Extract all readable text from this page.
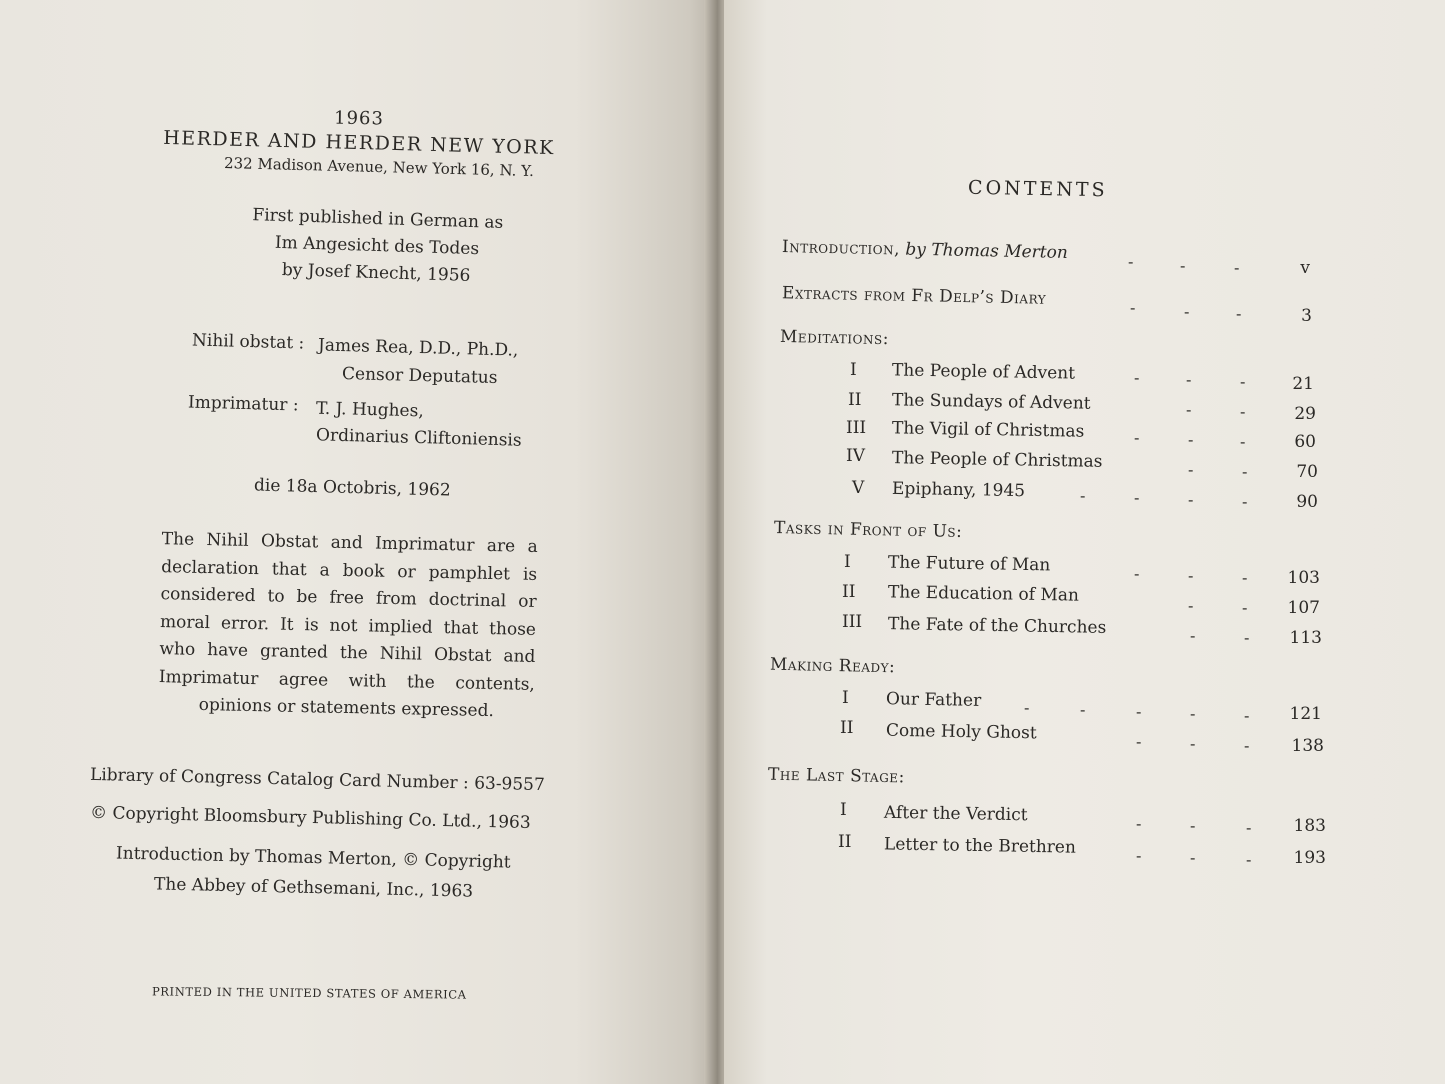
1963
HERDER AND HERDER NEW YORK
232 Madison Avenue, New York 16, N. Y.
First published in German as
Im Angesicht des Todes
by Josef Knecht, 1956
Nihil obstat : James Rea, D.D., Ph.D.,
Censor Deputatus
Imprimatur : T. J. Hughes,
Ordinarius Cliftoniensis
die 18a Octobris, 1962
The Nihil Obstat and Imprimatur are a
declaration that a book or pamphlet is
considered to be free from doctrinal or
moral error. It is not implied that those
who have granted the Nihil Obstat and
Imprimatur agree with the contents,
opinions or statements expressed.
Library of Congress Catalog Card Number : 63-9557
© Copyright Bloomsbury Publishing Co. Ltd., 1963
Introduction by Thomas Merton, © Copyright
The Abbey of Gethsemani, Inc., 1963
PRINTED IN THE UNITED STATES OF AMERICA
CONTENTS
Introduction, by Thomas Merton	-	-	-	v
Extracts from Fr Delp’s Diary	-	-	-	3
Meditations:
I The People of Advent	-	-	-	21
II The Sundays of Advent	-	-	29
III The Vigil of Christmas	-	-	-	60
IV The People of Christmas	-	-	70
V Epiphany, 1945	-	-	-	-	90
Tasks in Front of Us:
I The Future of Man	-	-	-	103
II The Education of Man	-	-	107
III The Fate of the Churches	-	-	113
Making Ready:
I Our Father	-	-	-	-	-	121
II Come Holy Ghost	-	-	-	138
The Last Stage:
I After the Verdict	-	-	-	183
II Letter to the Brethren	-	-	-	193
